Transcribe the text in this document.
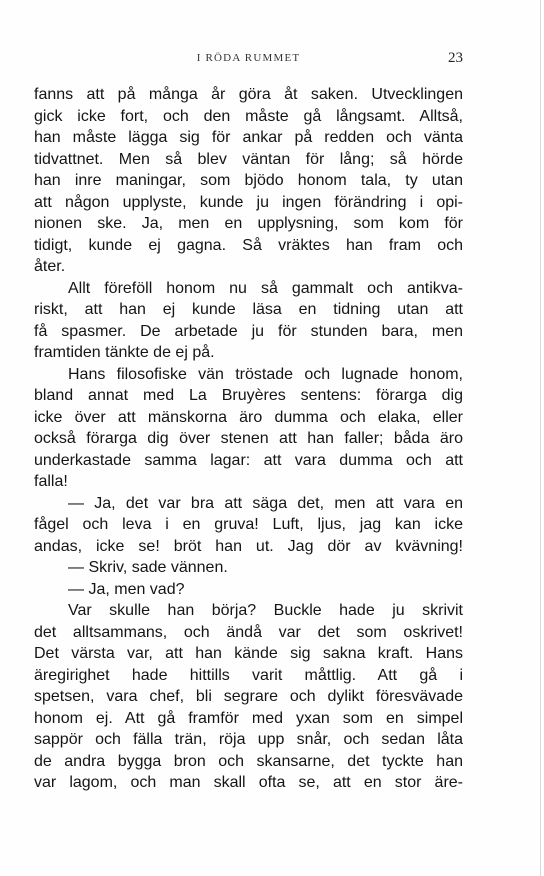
I RÖDA RUMMET	23
fanns att på många år göra åt saken. Utvecklingen
gick icke fort, och den måste gå långsamt. Alltså,
han måste lägga sig för ankar på redden och vänta
tidvattnet. Men så blev väntan för lång; så hörde
han inre maningar, som bjödo honom tala, ty utan
att någon upplyste, kunde ju ingen förändring i opi-
nionen ske. Ja, men en upplysning, som kom för
tidigt, kunde ej gagna. Så vräktes han fram och
åter.
Allt föreföll honom nu så gammalt och antikva-
riskt, att han ej kunde läsa en tidning utan att
få spasmer. De arbetade ju för stunden bara, men
framtiden tänkte de ej på.
Hans filosofiske vän tröstade och lugnade honom,
bland annat med La Bruyères sentens: förarga dig
icke över att mänskorna äro dumma och elaka, eller
också förarga dig över stenen att han faller; båda äro
underkastade samma lagar: att vara dumma och att
falla!
— Ja, det var bra att säga det, men att vara en
fågel och leva i en gruva! Luft, ljus, jag kan icke
andas, icke se! bröt han ut. Jag dör av kvävning!
— Skriv, sade vännen.
— Ja, men vad?
Var skulle han börja? Buckle hade ju skrivit
det alltsammans, och ändå var det som oskrivet!
Det värsta var, att han kände sig sakna kraft. Hans
äregirighet hade hittills varit måttlig. Att gå i
spetsen, vara chef, bli segrare och dylikt föresvävade
honom ej. Att gå framför med yxan som en simpel
sappör och fälla trän, röja upp snår, och sedan låta
de andra bygga bron och skansarne, det tyckte han
var lagom, och man skall ofta se, att en stor äre-
